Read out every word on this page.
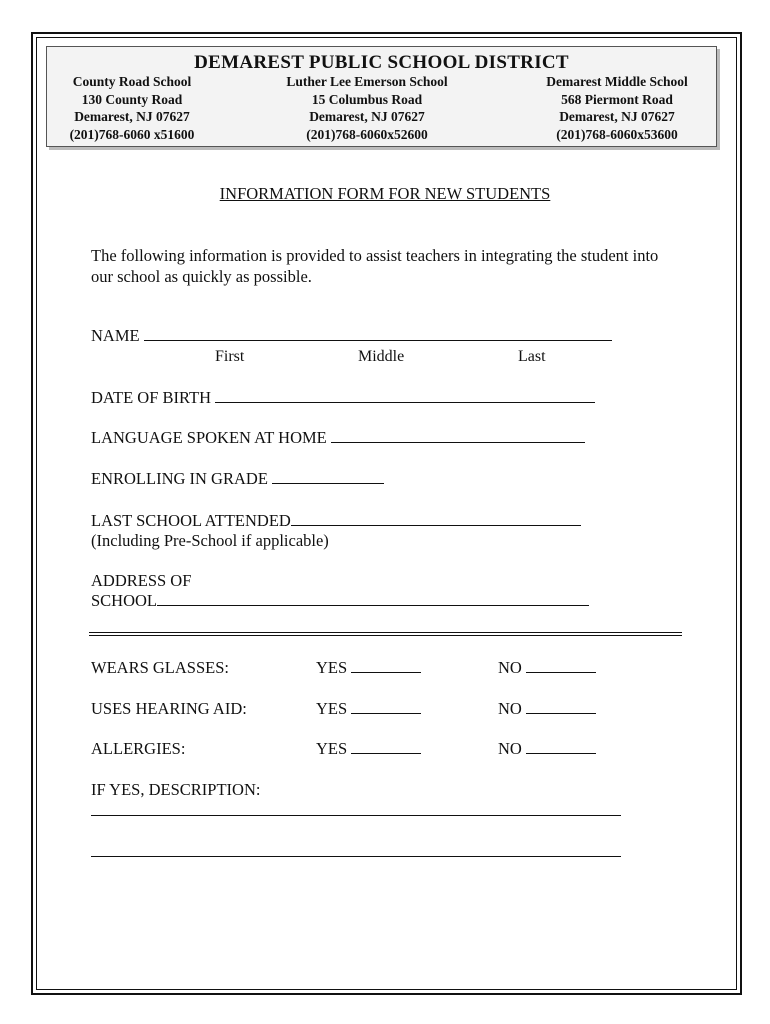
DEMAREST PUBLIC SCHOOL DISTRICT
County Road School
130 County Road
Demarest, NJ 07627
(201)768-6060 x51600
Luther Lee Emerson School
15 Columbus Road
Demarest, NJ 07627
(201)768-6060x52600
Demarest Middle School
568 Piermont Road
Demarest, NJ 07627
(201)768-6060x53600
INFORMATION FORM FOR NEW STUDENTS
The following information is provided to assist teachers in integrating the student into our school as quickly as possible.
NAME
First	Middle	Last
DATE OF BIRTH
LANGUAGE SPOKEN AT HOME
ENROLLING IN GRADE
LAST SCHOOL ATTENDED
(Including Pre-School if applicable)
ADDRESS OF
SCHOOL
WEARS GLASSES:	YES	NO
USES HEARING AID:	YES	NO
ALLERGIES:	YES	NO
IF YES, DESCRIPTION:
